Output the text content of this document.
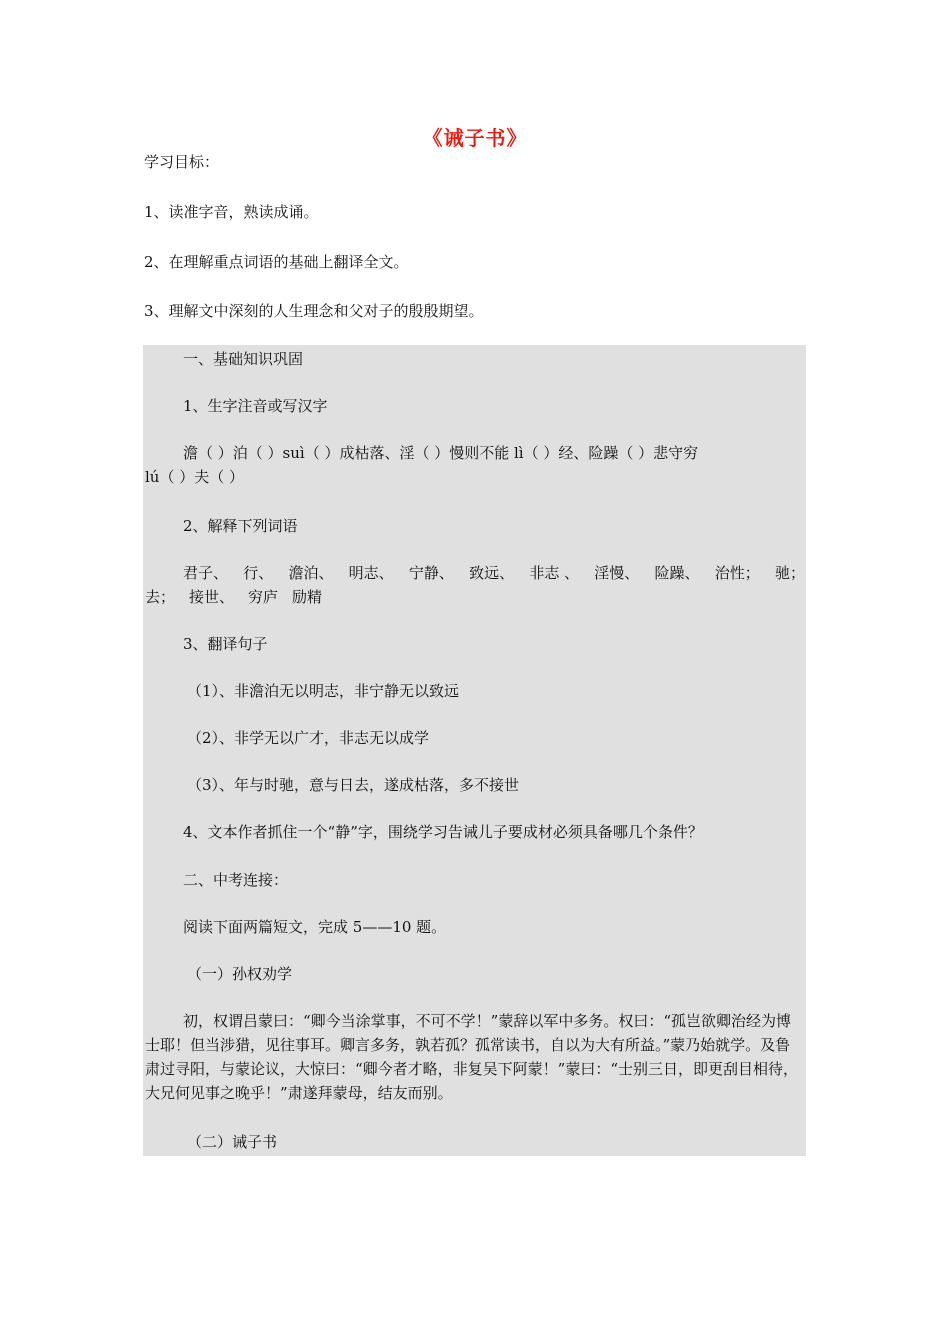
《诫子书》
学习目标：
1、读准字音，熟读成诵。
2、在理解重点词语的基础上翻译全文。
3、理解文中深刻的人生理念和父对子的殷殷期望。
一、基础知识巩固
1、生字注音或写汉字
澹（ ）泊（ ）suì（ ）成枯落、淫（ ）慢则不能 lì（ ）经、险躁（ ）悲守穷
lú（ ）夫（ ）
2、解释下列词语
君子、 行、 澹泊、 明志、 宁静、 致远、 非志 、 淫慢、 险躁、 治性； 驰；
去； 接世、 穷庐 励精
3、翻译句子
（1）、非澹泊无以明志，非宁静无以致远
（2）、非学无以广才，非志无以成学
（3）、年与时驰，意与日去，遂成枯落，多不接世
4、文本作者抓住一个“静”字，围绕学习告诫儿子要成材必须具备哪几个条件？
二、中考连接：
阅读下面两篇短文，完成 5——10 题。
（一）孙权劝学
初，权谓吕蒙曰：“卿今当涂掌事，不可不学！”蒙辞以军中多务。权曰：“孤岂欲卿治经为博士耶！但当涉猎，见往事耳。卿言多务，孰若孤？孤常读书，自以为大有所益。”蒙乃始就学。及鲁肃过寻阳，与蒙论议，大惊曰：“卿今者才略，非复吴下阿蒙！”蒙曰：“士别三日，即更刮目相待，大兄何见事之晚乎！”肃遂拜蒙母，结友而别。
（二）诫子书
